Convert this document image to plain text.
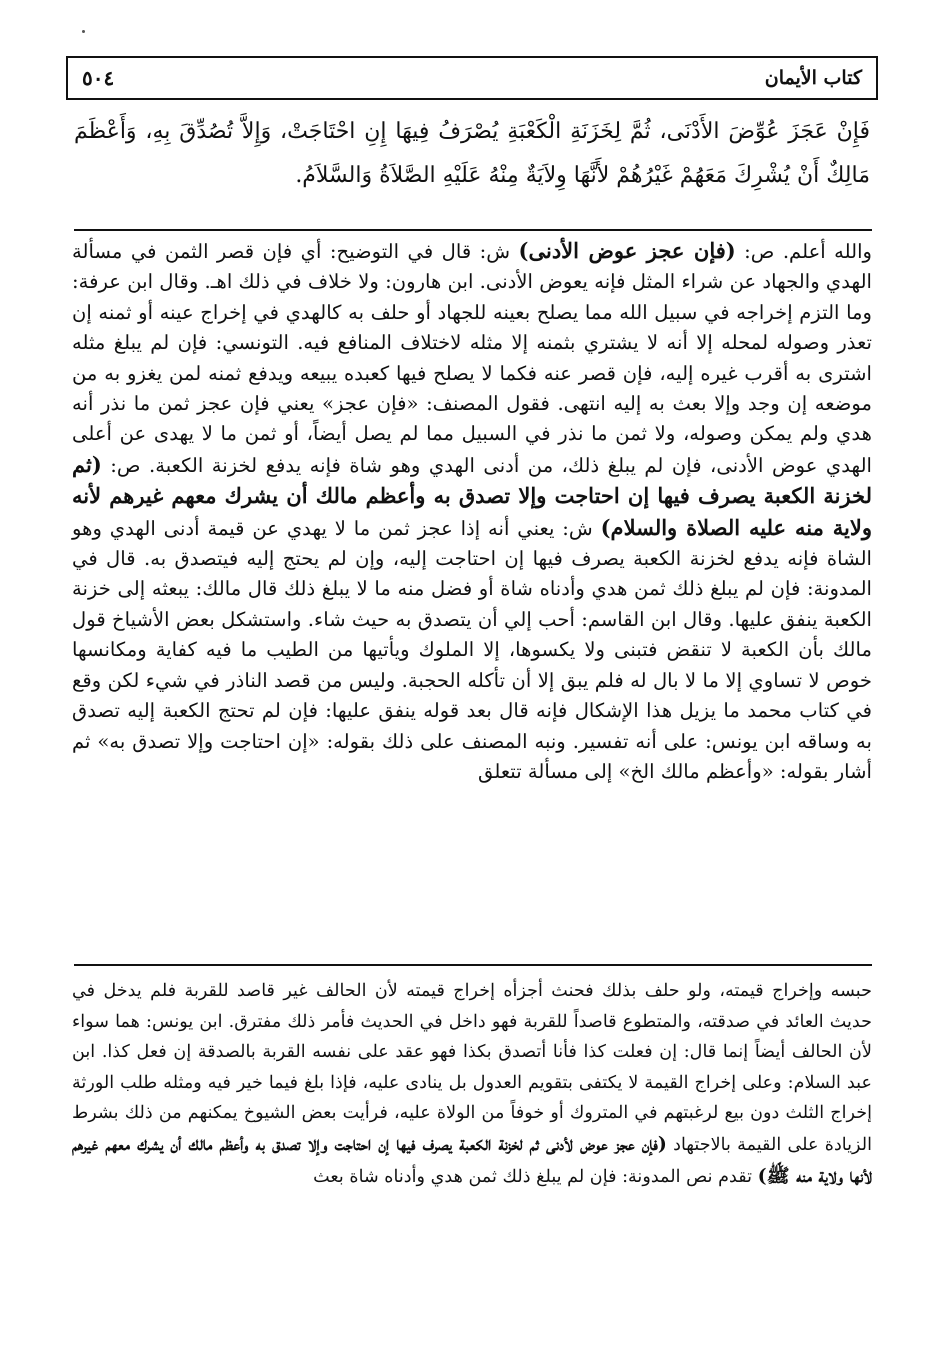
٥٠٤	كتاب الأيمان

فَإِنْ عَجَزَ عُوِّضَ الأَدْنَى، ثُمَّ لِخَزَنَةِ الْكَعْبَةِ يُصْرَفُ فِيهَا إِنِ احْتَاجَتْ، وَإِلاَّ تُصُدِّقَ بِهِ، وَأَعْظَمَ مَالِكٌ أَنْ يُشْرِكَ مَعَهُمْ غَيْرُهُمْ لأَنَّهَا وِلاَيَةٌ مِنْهُ عَلَيْهِ الصَّلاَةُ وَالسَّلاَمُ.

والله أعلم. ص: (فإن عجز عوض الأدنى) ش: قال في التوضيح: أي فإن قصر الثمن في مسألة الهدي والجهاد عن شراء المثل فإنه يعوض الأدنى. ابن هارون: ولا خلاف في ذلك اهـ. وقال ابن عرفة: وما التزم إخراجه في سبيل الله مما يصلح بعينه للجهاد أو حلف به كالهدي في إخراج عينه أو ثمنه إن تعذر وصوله لمحله إلا أنه لا يشتري بثمنه إلا مثله لاختلاف المنافع فيه. التونسي: فإن لم يبلغ مثله اشترى به أقرب غيره إليه، فإن قصر عنه فكما لا يصلح فيها كعبده يبيعه ويدفع ثمنه لمن يغزو به من موضعه إن وجد وإلا بعث به إليه انتهى. فقول المصنف: «فإن عجز» يعني فإن عجز ثمن ما نذر أنه هدي ولم يمكن وصوله، ولا ثمن ما نذر في السبيل مما لم يصل أيضاً، أو ثمن ما لا يهدى عن أعلى الهدي عوض الأدنى، فإن لم يبلغ ذلك، من أدنى الهدي وهو شاة فإنه يدفع لخزنة الكعبة. ص: (ثم لخزنة الكعبة يصرف فيها إن احتاجت وإلا تصدق به وأعظم مالك أن يشرك معهم غيرهم لأنه ولاية منه عليه الصلاة والسلام) ش: يعني أنه إذا عجز ثمن ما لا يهدي عن قيمة أدنى الهدي وهو الشاة فإنه يدفع لخزنة الكعبة يصرف فيها إن احتاجت إليه، وإن لم يحتج إليه فيتصدق به. قال في المدونة: فإن لم يبلغ ذلك ثمن هدي وأدناه شاة أو فضل منه ما لا يبلغ ذلك قال مالك: يبعثه إلى خزنة الكعبة ينفق عليها. وقال ابن القاسم: أحب إلي أن يتصدق به حيث شاء. واستشكل بعض الأشياخ قول مالك بأن الكعبة لا تنقض فتبنى ولا يكسوها، إلا الملوك ويأتيها من الطيب ما فيه كفاية ومكانسها خوص لا تساوي إلا ما لا بال له فلم يبق إلا أن تأكله الحجبة. وليس من قصد الناذر في شيء لكن وقع في كتاب محمد ما يزيل هذا الإشكال فإنه قال بعد قوله ينفق عليها: فإن لم تحتج الكعبة إليه تصدق به وساقه ابن يونس: على أنه تفسير. ونبه المصنف على ذلك بقوله: «إن احتاجت وإلا تصدق به» ثم أشار بقوله: «وأعظم مالك الخ» إلى مسألة تتعلق

حبسه وإخراج قيمته، ولو حلف بذلك فحنث أجزأه إخراج قيمته لأن الحالف غير قاصد للقربة فلم يدخل في حديث العائد في صدقته، والمتطوع قاصداً للقربة فهو داخل في الحديث فأمر ذلك مفترق. ابن يونس: هما سواء لأن الحالف أيضاً إنما قال: إن فعلت كذا فأنا أتصدق بكذا فهو عقد على نفسه القربة بالصدقة إن فعل كذا. ابن عبد السلام: وعلى إخراج القيمة لا يكتفى بتقويم العدول بل ينادى عليه، فإذا بلغ فيما خير فيه ومثله طلب الورثة إخراج الثلث دون بيع لرغبتهم في المتروك أو خوفاً من الولاة عليه، فرأيت بعض الشيوخ يمكنهم من ذلك بشرط الزيادة على القيمة بالاجتهاد (فإن عجز عوض لأدنى ثم لخزنة الكعبة يصرف فيها إن احتاجت وإلا تصدق به وأعظم مالك أن يشرك معهم غيرهم لأنها ولاية منه ﷺ) تقدم نص المدونة: فإن لم يبلغ ذلك ثمن هدي وأدناه شاة بعث
